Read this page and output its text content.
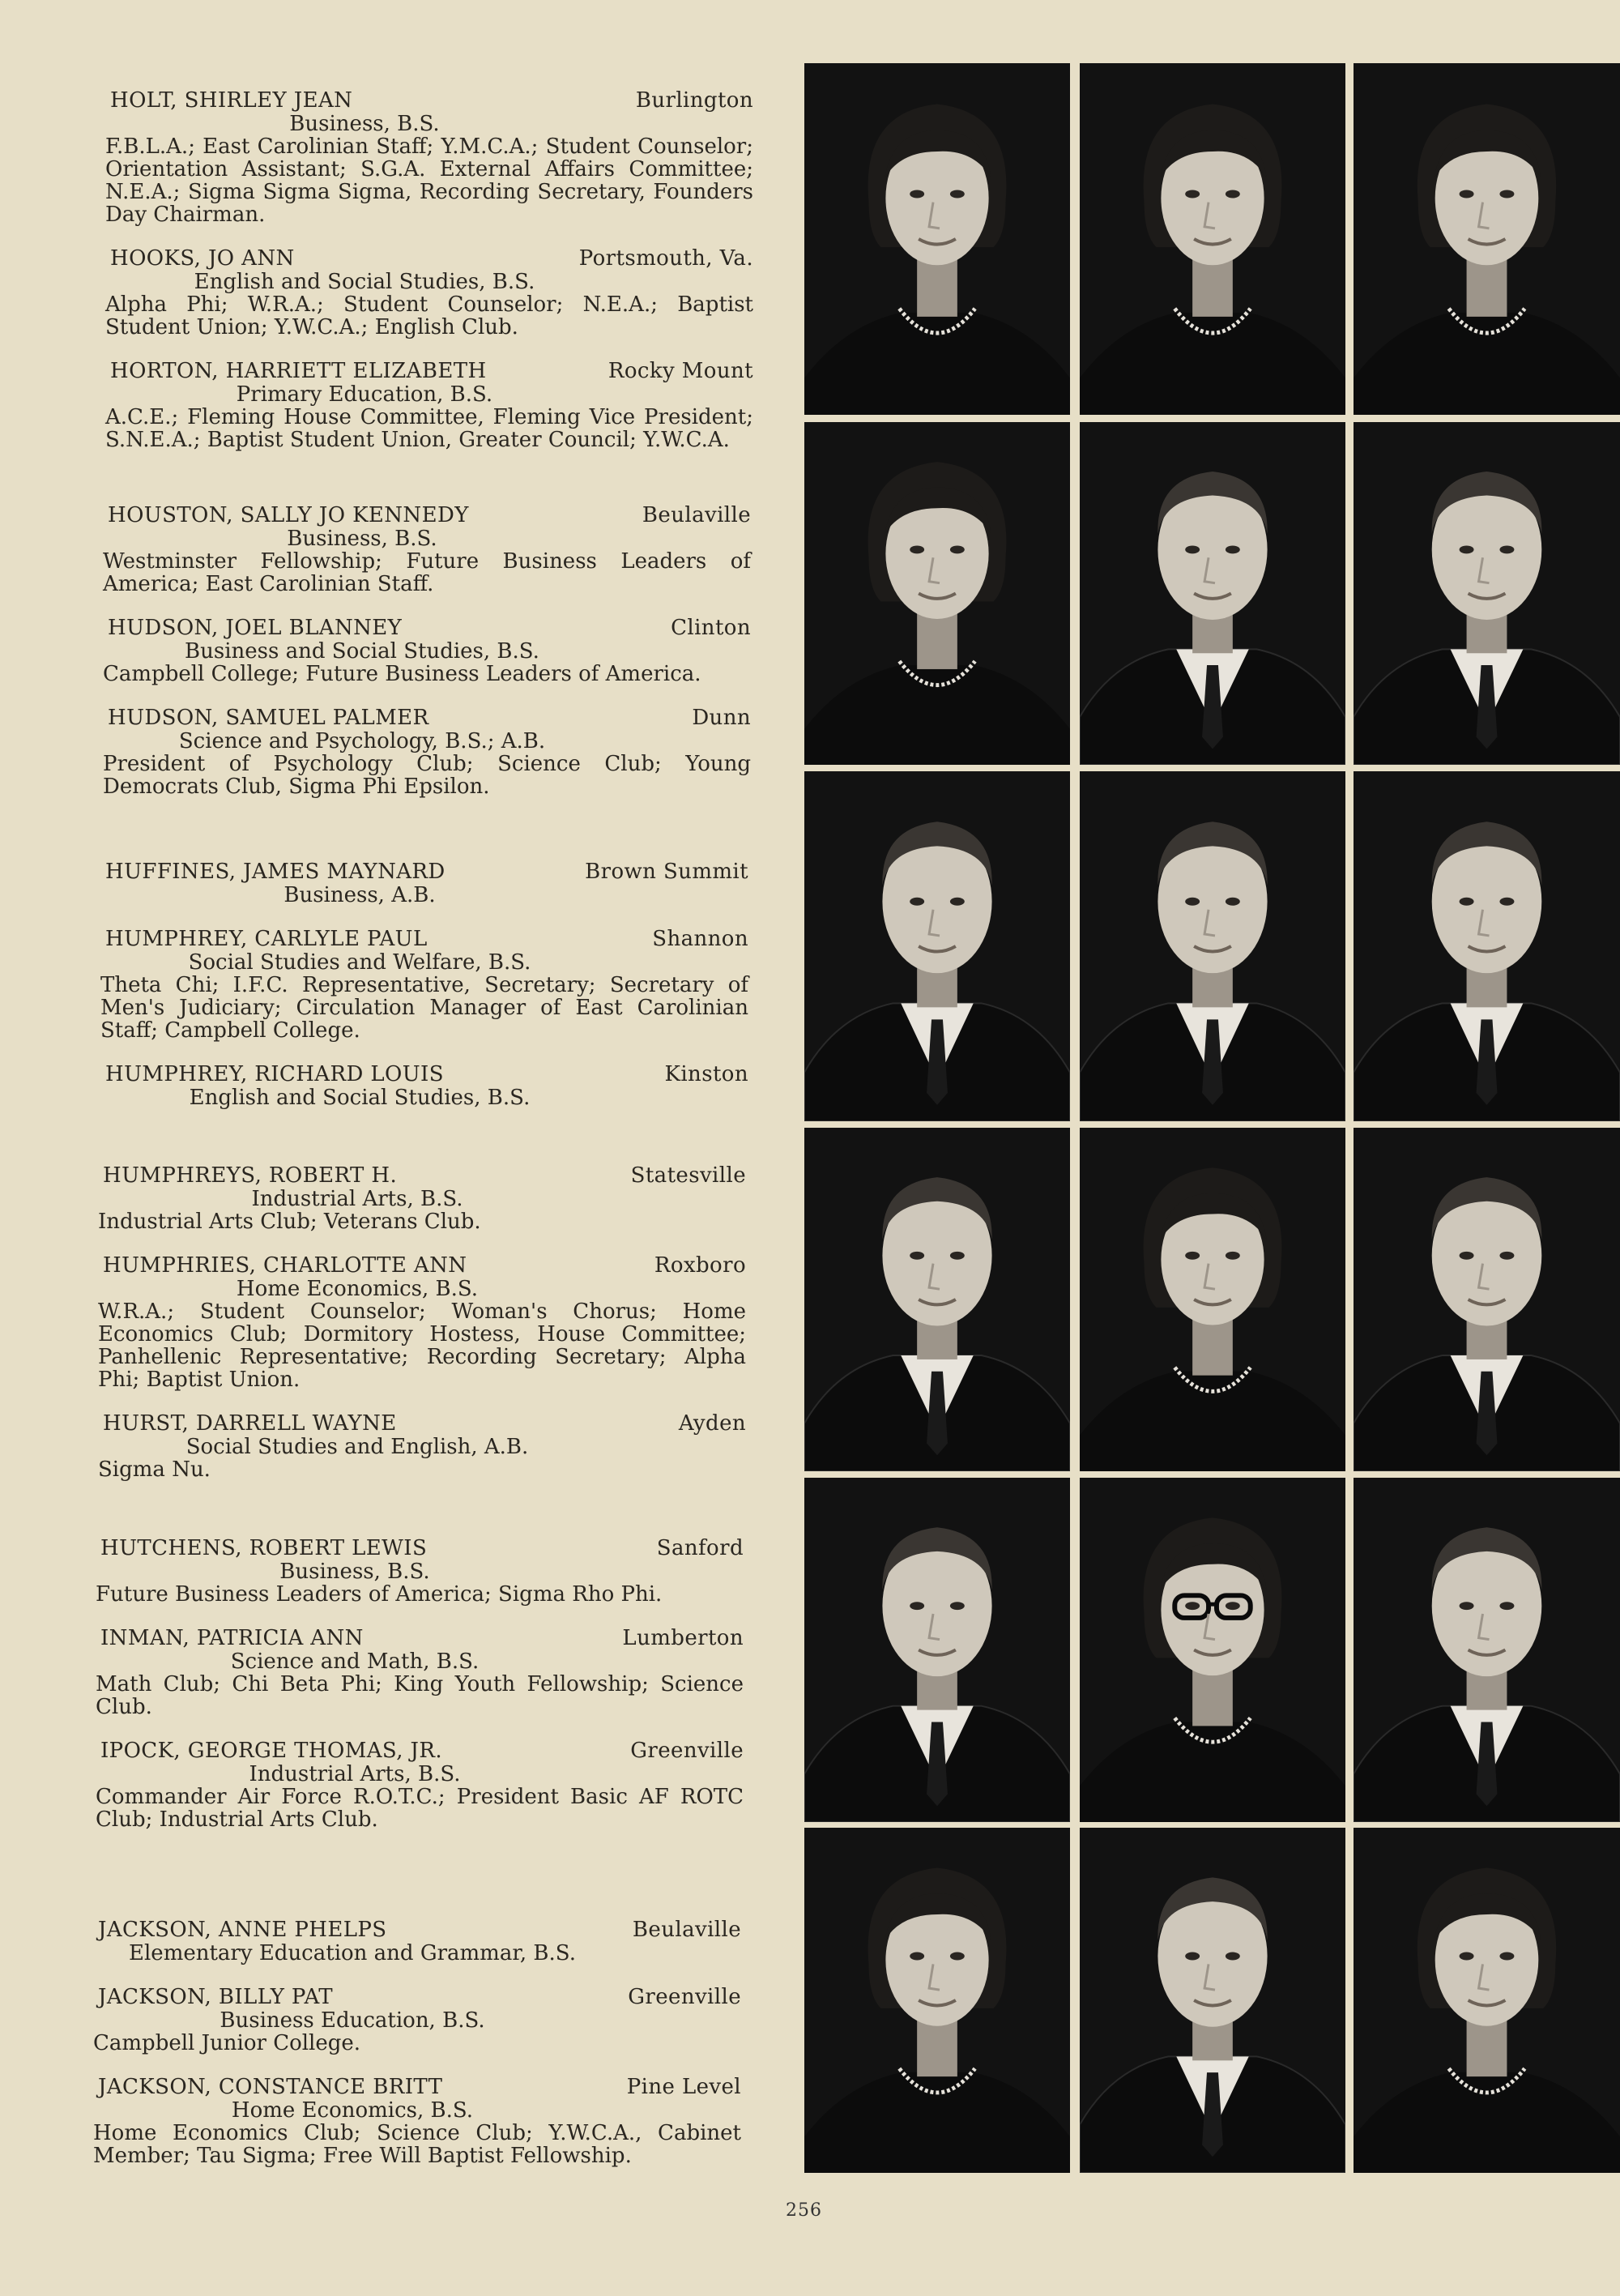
HOLT, SHIRLEY JEAN	Burlington
Business, B.S.
F.B.L.A.; East Carolinian Staff; Y.M.C.A.; Student Counselor; Orientation Assistant; S.G.A. External Affairs Committee; N.E.A.; Sigma Sigma Sigma, Recording Secretary, Founders Day Chairman.
HOOKS, JO ANN	Portsmouth, Va.
English and Social Studies, B.S.
Alpha Phi; W.R.A.; Student Counselor; N.E.A.; Baptist Student Union; Y.W.C.A.; English Club.
HORTON, HARRIETT ELIZABETH	Rocky Mount
Primary Education, B.S.
A.C.E.; Fleming House Committee, Fleming Vice President; S.N.E.A.; Baptist Student Union, Greater Council; Y.W.C.A.
HOUSTON, SALLY JO KENNEDY	Beulaville
Business, B.S.
Westminster Fellowship; Future Business Leaders of America; East Carolinian Staff.
HUDSON, JOEL BLANNEY	Clinton
Business and Social Studies, B.S.
Campbell College; Future Business Leaders of America.
HUDSON, SAMUEL PALMER	Dunn
Science and Psychology, B.S.; A.B.
President of Psychology Club; Science Club; Young Democrats Club, Sigma Phi Epsilon.
HUFFINES, JAMES MAYNARD	Brown Summit
Business, A.B.
HUMPHREY, CARLYLE PAUL	Shannon
Social Studies and Welfare, B.S.
Theta Chi; I.F.C. Representative, Secretary; Secretary of Men's Judiciary; Circulation Manager of East Carolinian Staff; Campbell College.
HUMPHREY, RICHARD LOUIS	Kinston
English and Social Studies, B.S.
HUMPHREYS, ROBERT H.	Statesville
Industrial Arts, B.S.
Industrial Arts Club; Veterans Club.
HUMPHRIES, CHARLOTTE ANN	Roxboro
Home Economics, B.S.
W.R.A.; Student Counselor; Woman's Chorus; Home Economics Club; Dormitory Hostess, House Committee; Panhellenic Representative; Recording Secretary; Alpha Phi; Baptist Union.
HURST, DARRELL WAYNE	Ayden
Social Studies and English, A.B.
Sigma Nu.
HUTCHENS, ROBERT LEWIS	Sanford
Business, B.S.
Future Business Leaders of America; Sigma Rho Phi.
INMAN, PATRICIA ANN	Lumberton
Science and Math, B.S.
Math Club; Chi Beta Phi; King Youth Fellowship; Science Club.
IPOCK, GEORGE THOMAS, JR.	Greenville
Industrial Arts, B.S.
Commander Air Force R.O.T.C.; President Basic AF ROTC Club; Industrial Arts Club.
JACKSON, ANNE PHELPS	Beulaville
Elementary Education and Grammar, B.S.
JACKSON, BILLY PAT	Greenville
Business Education, B.S.
Campbell Junior College.
JACKSON, CONSTANCE BRITT	Pine Level
Home Economics, B.S.
Home Economics Club; Science Club; Y.W.C.A., Cabinet Member; Tau Sigma; Free Will Baptist Fellowship.
256
